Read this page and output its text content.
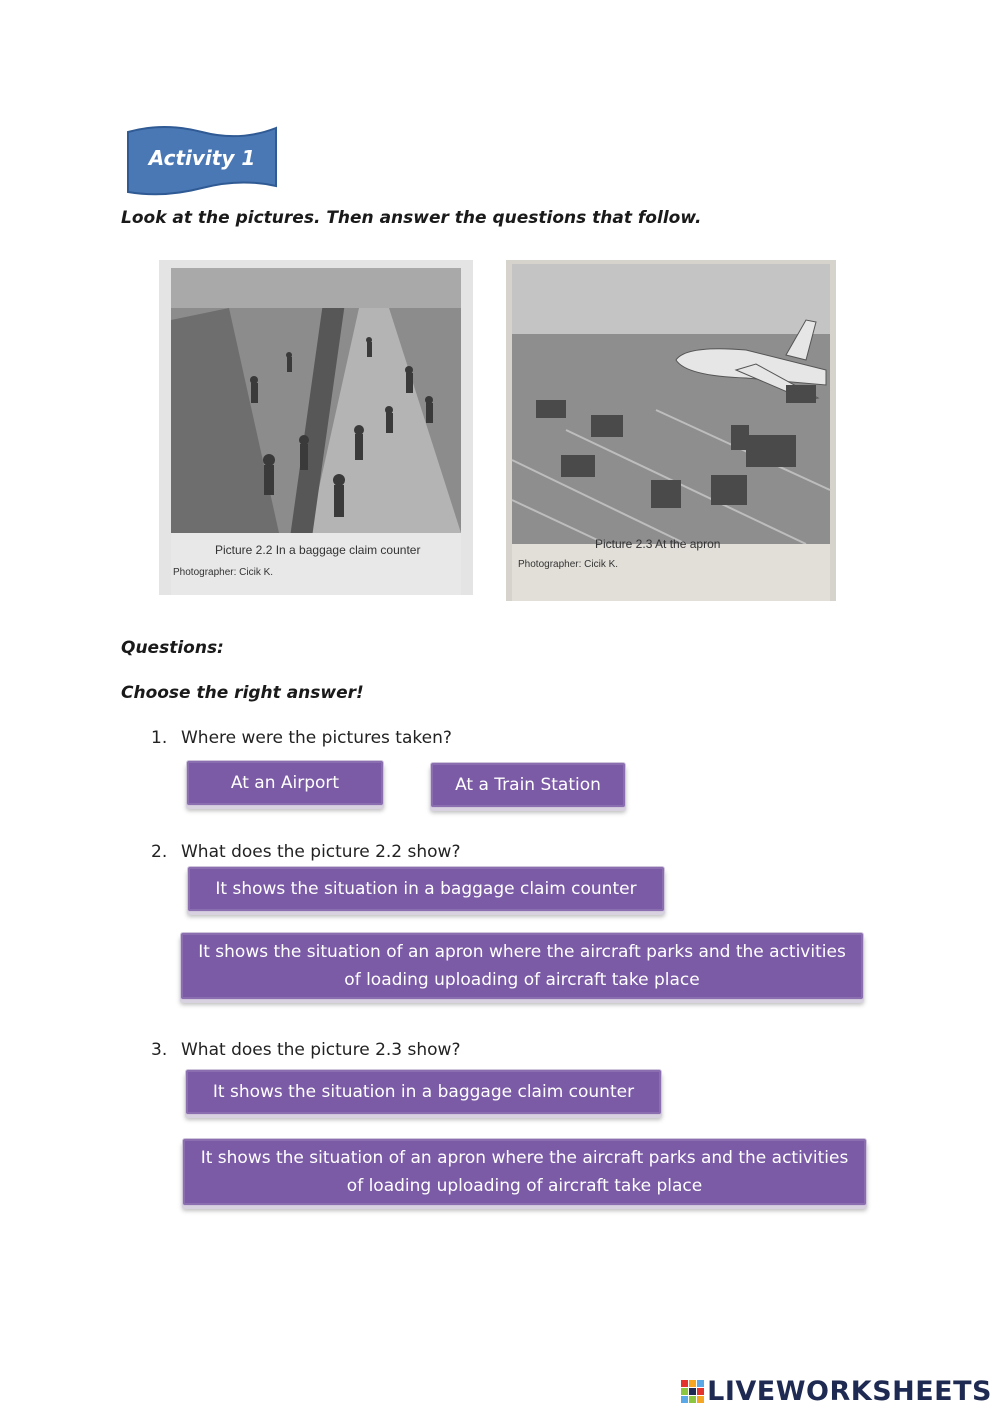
Activity 1
Look at the pictures. Then answer the questions that follow.
Picture 2.2 In a baggage claim counter
Photographer: Cicik K.
Picture 2.3 At the apron
Photographer: Cicik K.
Questions:
Choose the right answer!
1. Where were the pictures taken?
At an Airport	At a Train Station
2. What does the picture 2.2 show?
It shows the situation in a baggage claim counter
It shows the situation of an apron where the aircraft parks and the activities of loading uploading of aircraft take place
3. What does the picture 2.3 show?
It shows the situation in a baggage claim counter
It shows the situation of an apron where the aircraft parks and the activities of loading uploading of aircraft take place
LIVEWORKSHEETS
